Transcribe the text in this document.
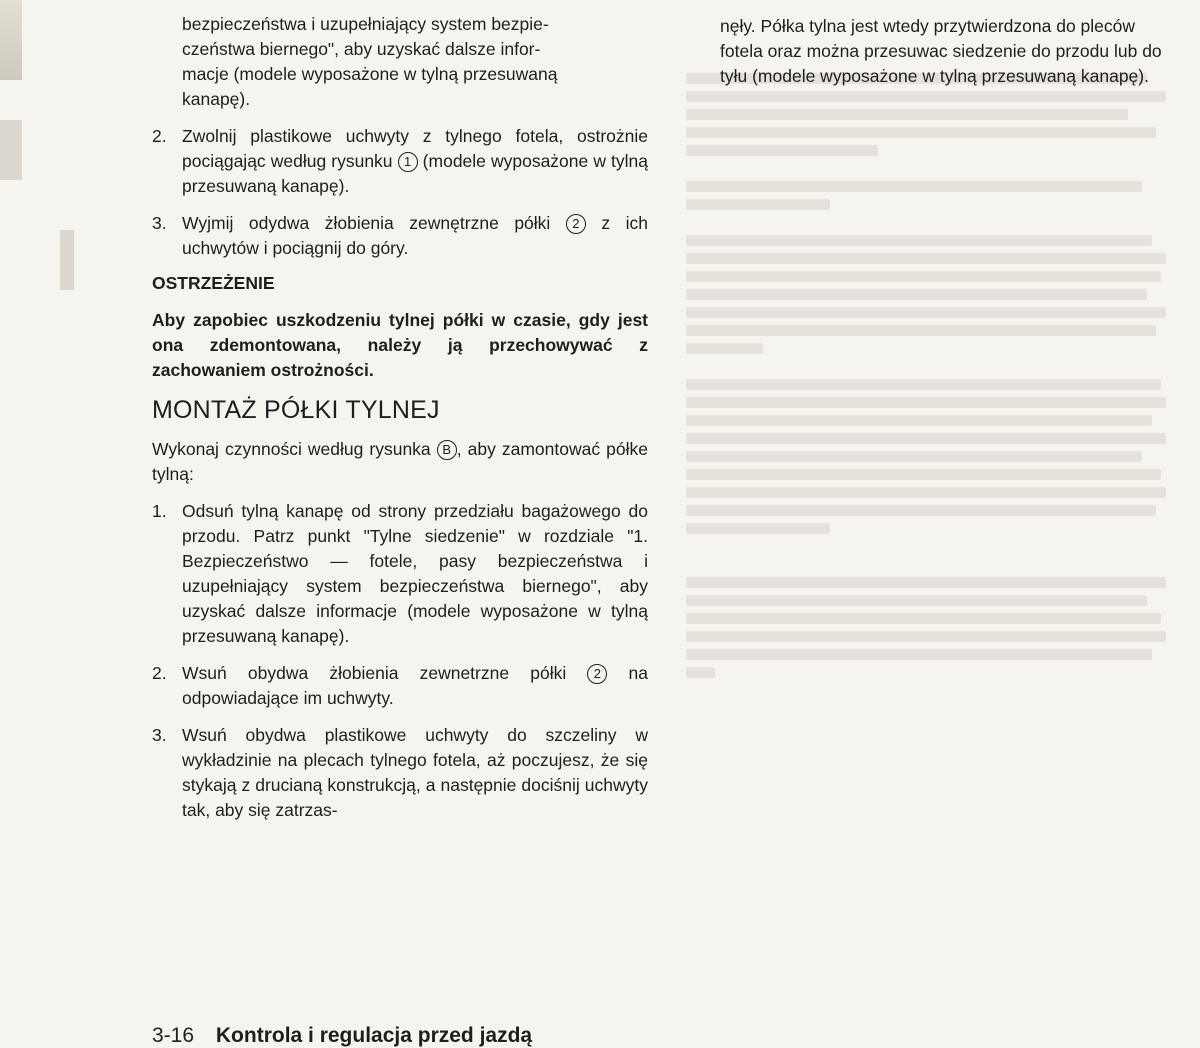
bezpieczeństwa i uzupełniający system bezpie-

czeństwa biernego", aby uzyskać dalsze infor-

macje (modele wyposażone w tylną przesuwaną

kanapę).

2. Zwolnij plastikowe uchwyty z tylnego fotela, ostrożnie pociągając według rysunku 1 (modele wyposażone w tylną przesuwaną kanapę).
3. Wyjmij odydwa żłobienia zewnętrzne półki 2 z ich uchwytów i pociągnij do góry.

OSTRZEŻENIE

Aby zapobiec uszkodzeniu tylnej półki w czasie, gdy jest ona zdemontowana, należy ją przechowywać z zachowaniem ostrożności.

MONTAŻ PÓŁKI TYLNEJ

Wykonaj czynności według rysunka B , aby zamontować półke tylną:

1. Odsuń tylną kanapę od strony przedziału bagażowego do przodu. Patrz punkt "Tylne siedzenie" w rozdziale "1. Bezpieczeństwo — fotele, pasy bezpieczeństwa i uzupełniający system bezpieczeństwa biernego", aby uzyskać dalsze informacje (modele wyposażone w tylną przesuwaną kanapę).
2. Wsuń obydwa żłobienia zewnetrzne półki 2 na odpowiadające im uchwyty.
3. Wsuń obydwa plastikowe uchwyty do szczeliny w wykładzinie na plecach tylnego fotela, aż poczujesz, że się stykają z drucianą konstrukcją, a następnie dociśnij uchwyty tak, aby się zatrzas-

nęły. Półka tylna jest wtedy przytwierdzona do pleców fotela oraz można przesuwac siedzenie do przodu lub do tyłu (modele wyposażone w tylną przesuwaną kanapę).

3-16 Kontrola i regulacja przed jazdą
